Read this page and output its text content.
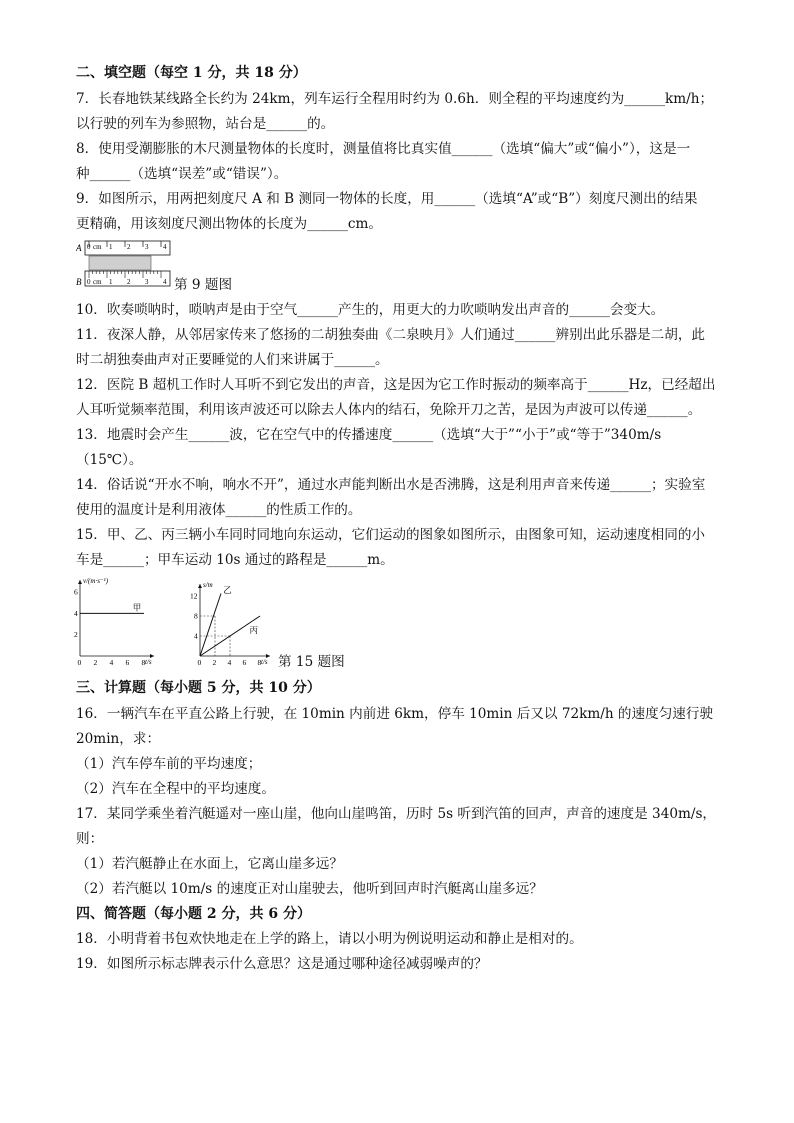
二、填空题（每空 1 分，共 18 分）
7．长春地铁某线路全长约为 24km，列车运行全程用时约为 0.6h．则全程的平均速度约为______km/h；
以行驶的列车为参照物，站台是______的。
8．使用受潮膨胀的木尺测量物体的长度时，测量值将比真实值______（选填“偏大”或“偏小”），这是一
种______（选填“误差”或“错误”）。
9．如图所示，用两把刻度尺 A 和 B 测同一物体的长度，用______（选填“A”或“B”）刻度尺测出的结果
更精确，用该刻度尺测出物体的长度为______cm。
A 0 cm 1 2 3 4
B 0 cm 1 2 3 4 第 9 题图
10．吹奏唢呐时，唢呐声是由于空气______产生的，用更大的力吹唢呐发出声音的______会变大。
11．夜深人静，从邻居家传来了悠扬的二胡独奏曲《二泉映月》人们通过______辨别出此乐器是二胡，此
时二胡独奏曲声对正要睡觉的人们来讲属于______。
12．医院 B 超机工作时人耳听不到它发出的声音，这是因为它工作时振动的频率高于______Hz，已经超出
人耳听觉频率范围，利用该声波还可以除去人体内的结石，免除开刀之苦，是因为声波可以传递______。
13．地震时会产生______波，它在空气中的传播速度______（选填“大于”“小于”或“等于”340m/s
（15℃）。
14．俗话说“开水不响，响水不开”，通过水声能判断出水是否沸腾，这是利用声音来传递______；实验室
使用的温度计是利用液体______的性质工作的。
15．甲、乙、丙三辆小车同时同地向东运动，它们运动的图象如图所示，由图象可知，运动速度相同的小
车是______；甲车运动 10s 通过的路程是______m。
0 2 4 6 8
2
4
6
t/s
v/(m·s⁻¹)
甲
0 2 4 6 8
4
8
12
t/s
s/m 乙
丙
第 15 题图
三、计算题（每小题 5 分，共 10 分）
16．一辆汽车在平直公路上行驶，在 10min 内前进 6km，停车 10min 后又以 72km/h 的速度匀速行驶
20min，求：
（1）汽车停车前的平均速度；
（2）汽车在全程中的平均速度。
17．某同学乘坐着汽艇遥对一座山崖，他向山崖鸣笛，历时 5s 听到汽笛的回声，声音的速度是 340m/s，
则：
（1）若汽艇静止在水面上，它离山崖多远？
（2）若汽艇以 10m/s 的速度正对山崖驶去，他听到回声时汽艇离山崖多远？
四、简答题（每小题 2 分，共 6 分）
18．小明背着书包欢快地走在上学的路上，请以小明为例说明运动和静止是相对的。
19．如图所示标志牌表示什么意思？这是通过哪种途径减弱噪声的？
